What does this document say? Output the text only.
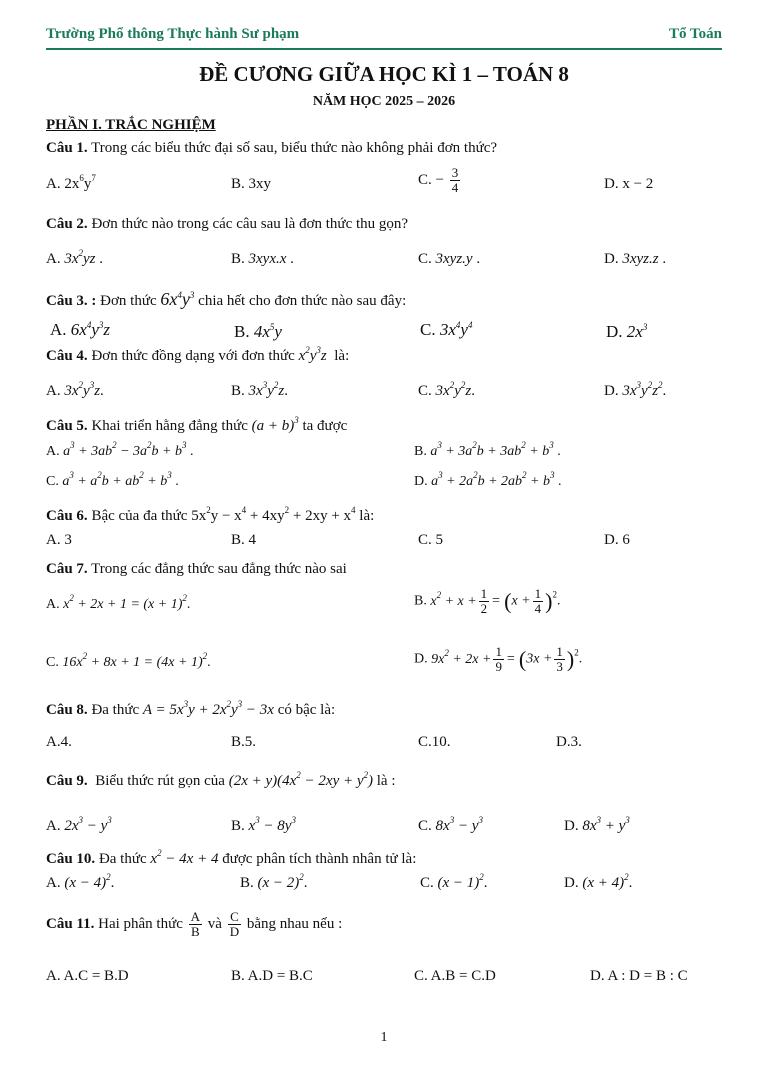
Trường Phổ thông Thực hành Sư phạm	Tổ Toán
ĐỀ CƯƠNG GIỮA HỌC KÌ 1 – TOÁN 8
NĂM HỌC 2025 – 2026
PHẦN I. TRẮC NGHIỆM
Câu 1. Trong các biểu thức đại số sau, biểu thức nào không phải đơn thức?
A. $2x^6y^7$	B. 3xy	C. − $\frac{3}{4}$	D. x − 2
Câu 2. Đơn thức nào trong các câu sau là đơn thức thu gọn?
A. $3x^2yz$ .	B. 3xyx.x .	C. 3xyz.y .	D. 3xyz.z .
Câu 3. : Đơn thức $6x^4y^3$ chia hết cho đơn thức nào sau đây:
A. $6x^4y^3z$	B. $4x^5y$	C. $3x^4y^4$	D. $2x^3$
Câu 4. Đơn thức đồng dạng với đơn thức $x^2y^3z$ là:
A. $3x^2y^3z$.	B. $3x^3y^2z$.	C. $3x^2y^2z$.	D. $3x^3y^2z^2$.
Câu 5. Khai triển hằng đẳng thức $(a + b)^3$ ta được
A. $a^3 + 3ab^2 - 3a^2b + b^3$ .	B. $a^3 + 3a^2b + 3ab^2 + b^3$ .
C. $a^3 + a^2b + ab^2 + b^3$ .	D. $a^3 + 2a^2b + 2ab^2 + b^3$ .
Câu 6. Bậc của đa thức $5x^2y - x^4 + 4xy^2 + 2xy + x^4$ là:
A. 3	B. 4	C. 5	D. 6
Câu 7. Trong các đẳng thức sau đẳng thức nào sai
A. $x^2 + 2x + 1 = (x + 1)^2$.	B. $x^2 + x + \frac{1}{2} = (x + \frac{1}{4} )^2$.
C. $16x^2 + 8x + 1 = (4x + 1)^2$.	D. $9x^2 + 2x + \frac{1}{9} = (3x + \frac{1}{3} )^2$.
Câu 8. Đa thức $A = 5x^3y + 2x^2y^3 - 3x$ có bậc là:
A.4.	B.5.	C.10.	D.3.
Câu 9. Biểu thức rút gọn của $(2x + y)(4x^2 - 2xy + y^2)$ là :
A. $2x^3 - y^3$	B. $x^3 - 8y^3$	C. $8x^3 - y^3$	D. $8x^3 + y^3$
Câu 10. Đa thức $x^2 - 4x + 4$ được phân tích thành nhân tử là:
A. $(x - 4)^2$.	B. $(x - 2)^2$.	C. $(x - 1)^2$.	D. $(x + 4)^2$.
Câu 11. Hai phân thức $\frac{A}{B}$ và $\frac{C}{D}$ bằng nhau nếu :
A. A.C = B.D	B. A.D = B.C	C. A.B = C.D	D. A : D = B : C
1
